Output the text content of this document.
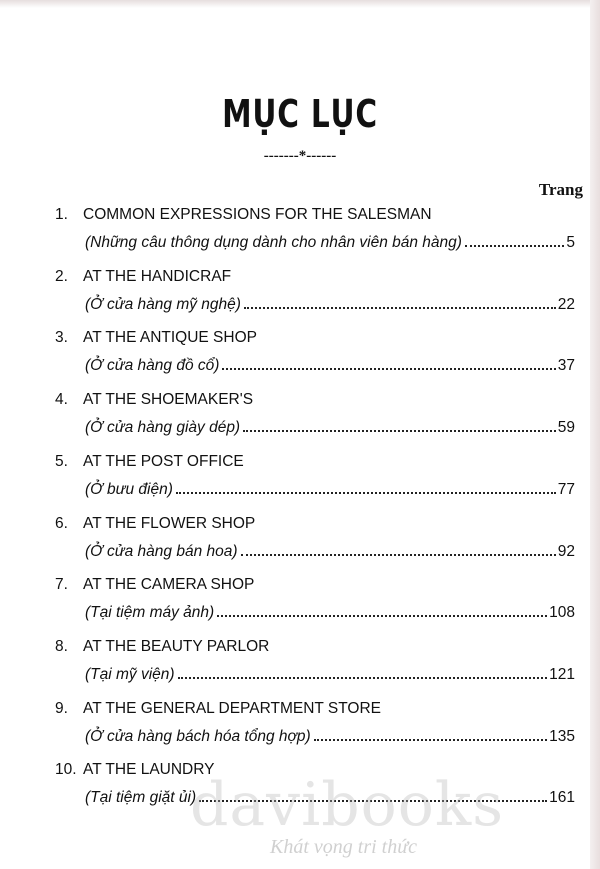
MỤC LỤC
-------*------
Trang
1. COMMON EXPRESSIONS FOR THE SALESMAN
(Những câu thông dụng dành cho nhân viên bán hàng)	5
2. AT THE HANDICRAF
(Ở cửa hàng mỹ nghệ)	22
3. AT THE ANTIQUE SHOP
(Ở cửa hàng đồ cổ)	37
4. AT THE SHOEMAKER'S
(Ở cửa hàng giày dép)	59
5. AT THE POST OFFICE
(Ở bưu điện)	77
6. AT THE FLOWER SHOP
(Ở cửa hàng bán hoa)	92
7. AT THE CAMERA SHOP
(Tại tiệm máy ảnh)	108
8. AT THE BEAUTY PARLOR
(Tại mỹ viện)	121
9. AT THE GENERAL DEPARTMENT STORE
(Ở cửa hàng bách hóa tổng hợp)	135
10. AT THE LAUNDRY
(Tại tiệm giặt ủi)	161
davibooks
Khát vọng tri thức
